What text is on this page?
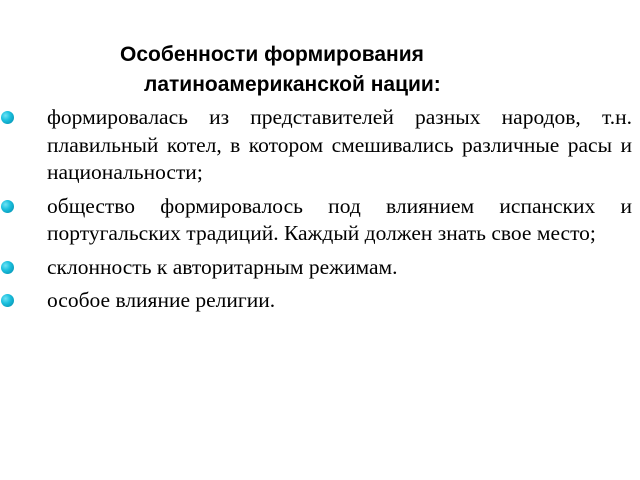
Особенности формирования
латиноамериканской нации:
формировалась из представителей разных народов, т.н. плавильный котел, в котором смешивались различные расы и национальности;
общество формировалось под влиянием испанских и португальских традиций. Каждый должен знать свое место;
склонность к авторитарным режимам.
особое влияние религии.
